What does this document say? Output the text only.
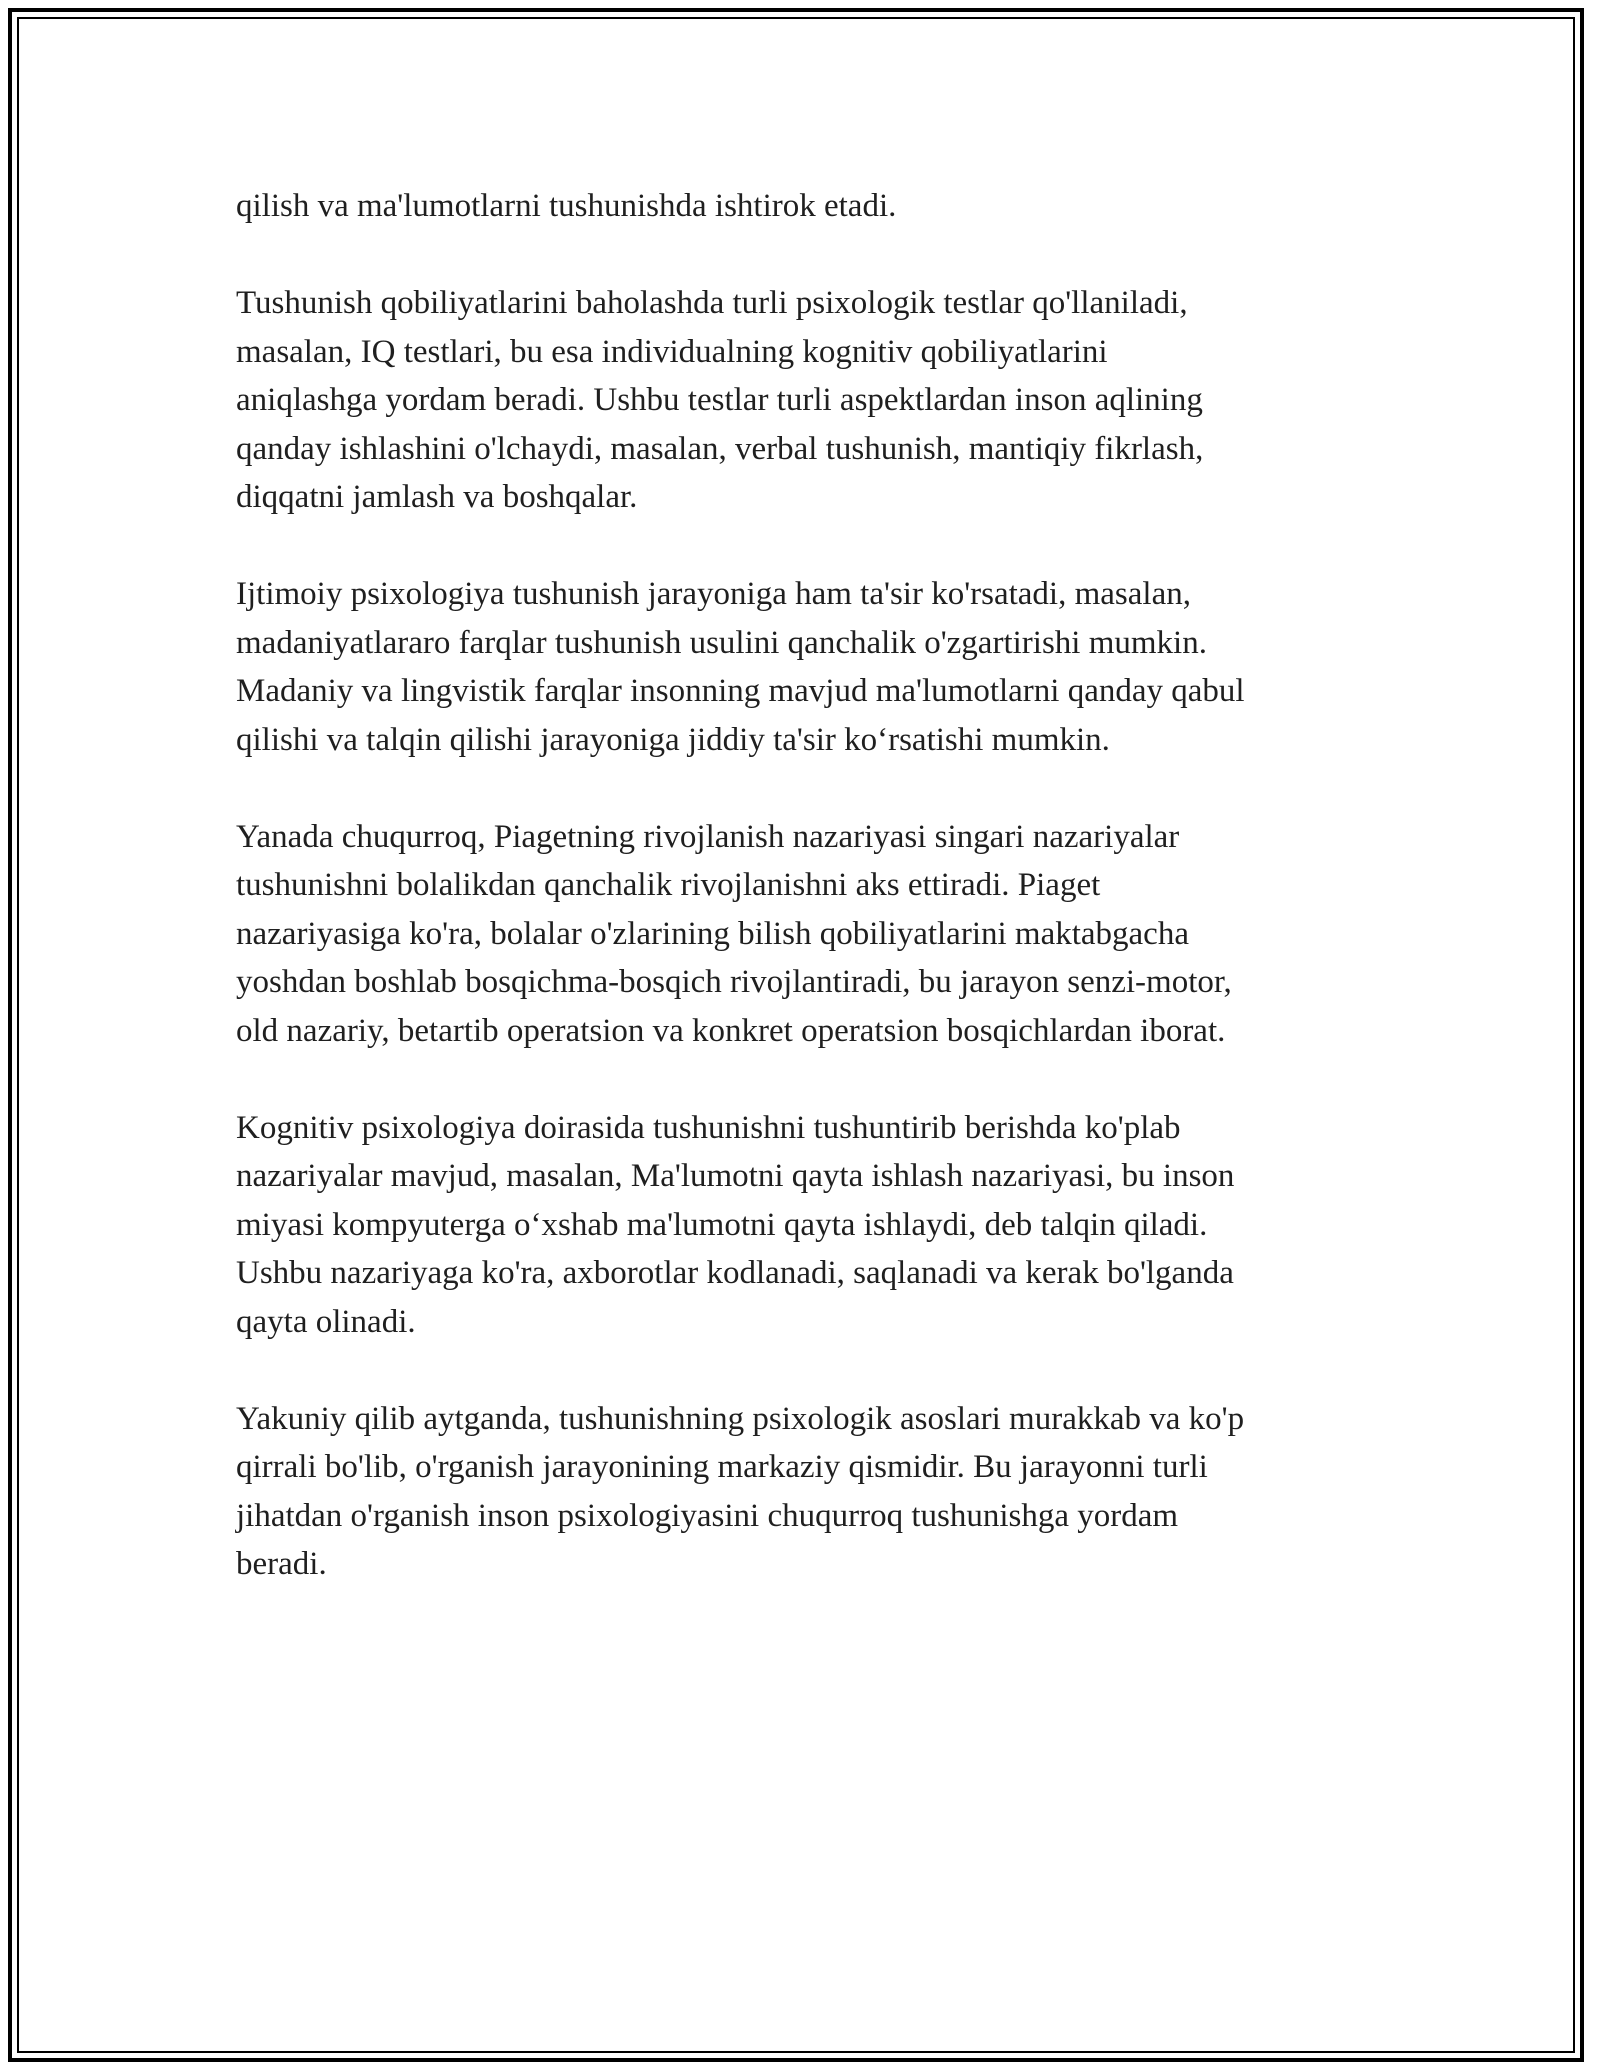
qilish va ma'lumotlarni tushunishda ishtirok etadi.

Tushunish qobiliyatlarini baholashda turli psixologik testlar qo'llaniladi,
masalan, IQ testlari, bu esa individualning kognitiv qobiliyatlarini
aniqlashga yordam beradi. Ushbu testlar turli aspektlardan inson aqlining
qanday ishlashini o'lchaydi, masalan, verbal tushunish, mantiqiy fikrlash,
diqqatni jamlash va boshqalar.

Ijtimoiy psixologiya tushunish jarayoniga ham ta'sir ko'rsatadi, masalan,
madaniyatlararo farqlar tushunish usulini qanchalik o'zgartirishi mumkin.
Madaniy va lingvistik farqlar insonning mavjud ma'lumotlarni qanday qabul
qilishi va talqin qilishi jarayoniga jiddiy ta'sir ko‘rsatishi mumkin.

Yanada chuqurroq, Piagetning rivojlanish nazariyasi singari nazariyalar
tushunishni bolalikdan qanchalik rivojlanishni aks ettiradi. Piaget
nazariyasiga ko'ra, bolalar o'zlarining bilish qobiliyatlarini maktabgacha
yoshdan boshlab bosqichma-bosqich rivojlantiradi, bu jarayon senzi-motor,
old nazariy, betartib operatsion va konkret operatsion bosqichlardan iborat.

Kognitiv psixologiya doirasida tushunishni tushuntirib berishda ko'plab
nazariyalar mavjud, masalan, Ma'lumotni qayta ishlash nazariyasi, bu inson
miyasi kompyuterga o‘xshab ma'lumotni qayta ishlaydi, deb talqin qiladi.
Ushbu nazariyaga ko'ra, axborotlar kodlanadi, saqlanadi va kerak bo'lganda
qayta olinadi.

Yakuniy qilib aytganda, tushunishning psixologik asoslari murakkab va ko'p
qirrali bo'lib, o'rganish jarayonining markaziy qismidir. Bu jarayonni turli
jihatdan o'rganish inson psixologiyasini chuqurroq tushunishga yordam
beradi.
